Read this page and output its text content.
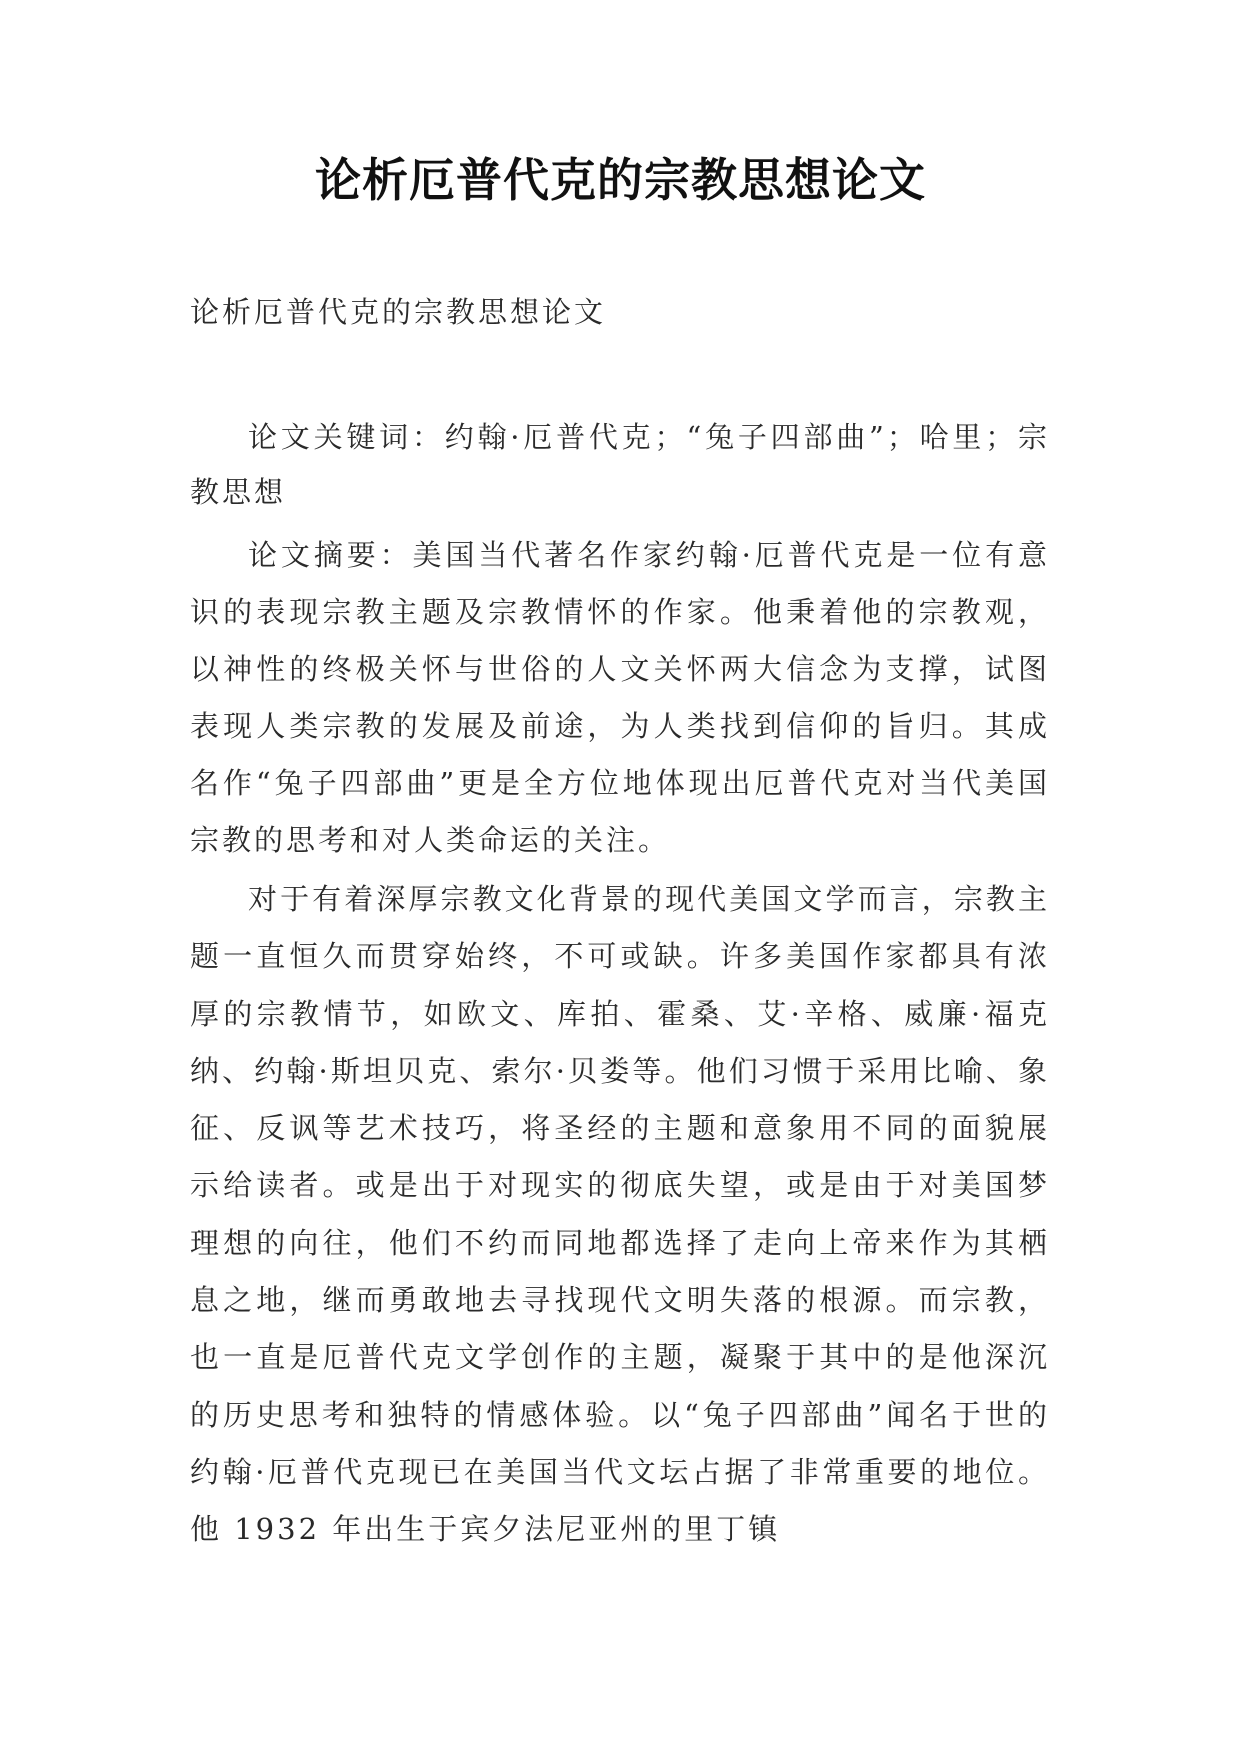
论析厄普代克的宗教思想论文

论析厄普代克的宗教思想论文

论文关键词：约翰·厄普代克；“兔子四部曲”；哈里；宗教思想

论文摘要：美国当代著名作家约翰·厄普代克是一位有意识的表现宗教主题及宗教情怀的作家。他秉着他的宗教观，以神性的终极关怀与世俗的人文关怀两大信念为支撑，试图表现人类宗教的发展及前途，为人类找到信仰的旨归。其成名作“兔子四部曲”更是全方位地体现出厄普代克对当代美国宗教的思考和对人类命运的关注。

对于有着深厚宗教文化背景的现代美国文学而言，宗教主题一直恒久而贯穿始终，不可或缺。许多美国作家都具有浓厚的宗教情节，如欧文、库拍、霍桑、艾·辛格、威廉·福克纳、约翰·斯坦贝克、索尔·贝娄等。他们习惯于采用比喻、象征、反讽等艺术技巧，将圣经的主题和意象用不同的面貌展示给读者。或是出于对现实的彻底失望，或是由于对美国梦理想的向往，他们不约而同地都选择了走向上帝来作为其栖息之地，继而勇敢地去寻找现代文明失落的根源。而宗教，也一直是厄普代克文学创作的主题，凝聚于其中的是他深沉的历史思考和独特的情感体验。以“兔子四部曲”闻名于世的约翰·厄普代克现已在美国当代文坛占据了非常重要的地位。他 1932 年出生于宾夕法尼亚州的里丁镇
